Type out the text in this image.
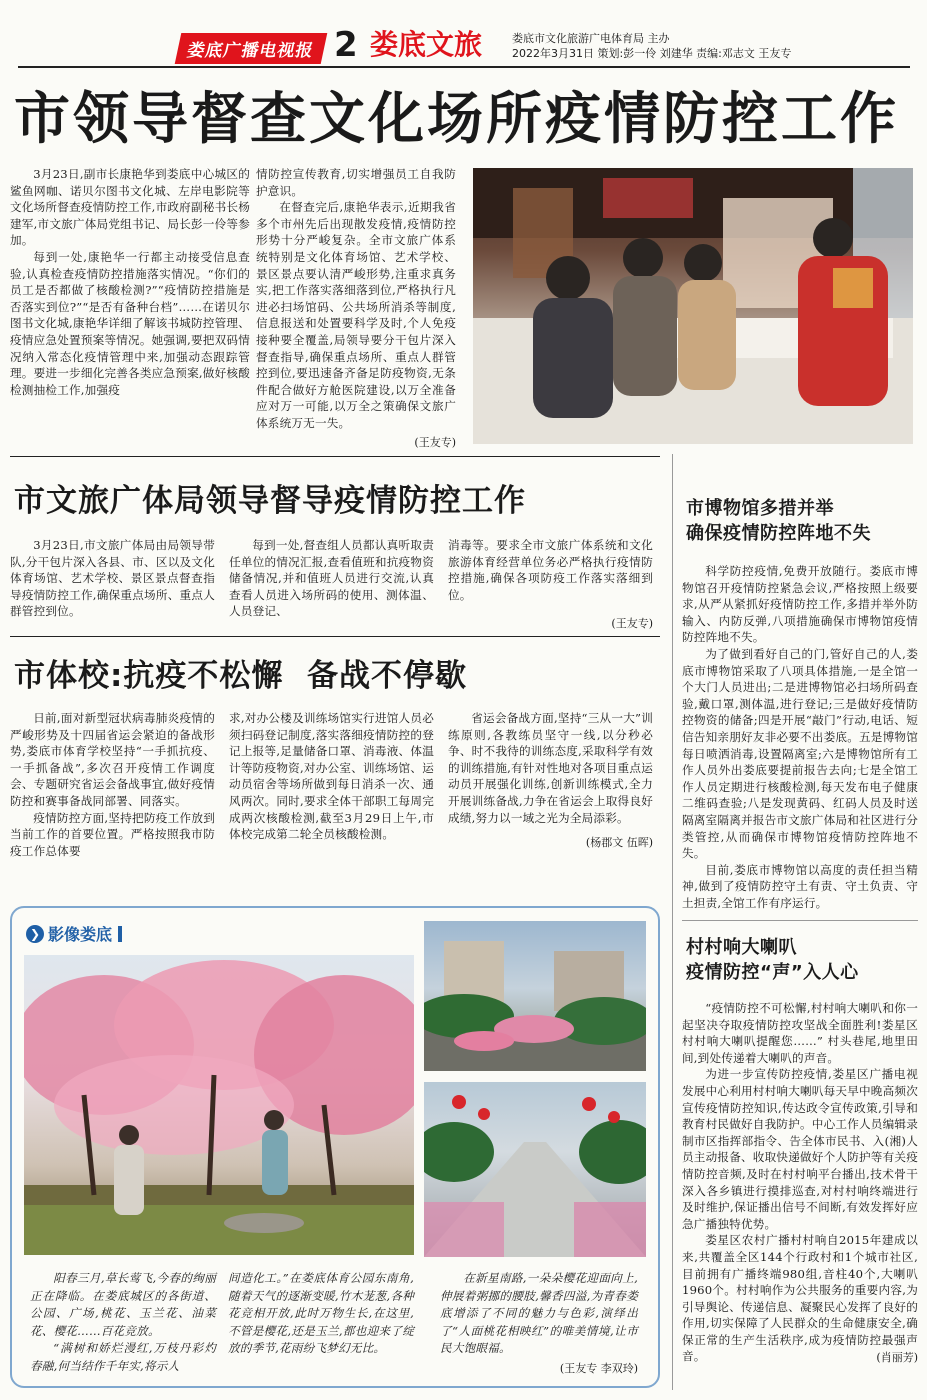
娄底广播电视报 2 娄底文旅	娄底市文化旅游广电体育局 主办
2022年3月31日 策划:彭一伶 刘建华 责编:邓志文 王友专
市领导督查文化场所疫情防控工作

3月23日,副市长康艳华到娄底中心城区的鲨鱼网咖、诺贝尔图书文化城、左岸电影院等文化场所督查疫情防控工作,市政府副秘书长杨建军,市文旅广体局党组书记、局长彭一伶等参加。

每到一处,康艳华一行都主动接受信息查验,认真检查疫情防控措施落实情况。“你们的员工是否都做了核酸检测?”“疫情防控措施是否落实到位?”“是否有备种台档”……在诺贝尔图书文化城,康艳华详细了解该书城防控管理、疫情应急处置预案等情况。她强调,要把双码情况纳入常态化疫情管理中来,加强动态跟踪管理。要进一步细化完善各类应急预案,做好核酸检测抽检工作,加强疫

情防控宣传教育,切实增强员工自我防护意识。

在督查完后,康艳华表示,近期我省多个市州先后出现散发疫情,疫情防控形势十分严峻复杂。全市文旅广体系统特别是文化体育场馆、艺术学校、景区景点要认清严峻形势,注重求真务实,把工作落实落细落到位,严格执行凡进必扫场馆码、公共场所消杀等制度,信息报送和处置要科学及时,个人免疫接种要全覆盖,局领导要分干包片深入督查指导,确保重点场所、重点人群管控到位,要迅速备齐备足防疫物资,无条件配合做好方舱医院建设,以万全准备应对万一可能,以万全之策确保文旅广体系统万无一失。

(王友专)
市文旅广体局领导督导疫情防控工作

3月23日,市文旅广体局由局领导带队,分干包片深入各县、市、区以及文化体育场馆、艺术学校、景区景点督查指导疫情防控工作,确保重点场所、重点人群管控到位。

每到一处,督查组人员都认真听取责任单位的情况汇报,查看值班和抗疫物资储备情况,并和值班人员进行交流,认真查看人员进入场所码的使用、测体温、人员登记、

消毒等。要求全市文旅广体系统和文化旅游体育经营单位务必严格执行疫情防控措施,确保各项防疫工作落实落细到位。

(王友专)
市体校:抗疫不松懈  备战不停歇

日前,面对新型冠状病毒肺炎疫情的严峻形势及十四届省运会紧迫的备战形势,娄底市体育学校坚持“一手抓抗疫、一手抓备战”,多次召开疫情工作调度会、专题研究省运会备战事宜,做好疫情防控和赛事备战同部署、同落实。

疫情防控方面,坚持把防疫工作放到当前工作的首要位置。严格按照我市防疫工作总体要

求,对办公楼及训练场馆实行进馆人员必须扫码登记制度,落实落细疫情防控的登记上报等,足量储备口罩、消毒液、体温计等防疫物资,对办公室、训练场馆、运动员宿舍等场所做到每日消杀一次、通风两次。同时,要求全体干部职工每周完成两次核酸检测,截至3月29日上午,市体校完成第二轮全员核酸检测。

省运会备战方面,坚持“三从一大”训练原则,各教练员坚守一线,以分秒必争、时不我待的训练态度,采取科学有效的训练措施,有针对性地对各项目重点运动员开展强化训练,创新训练模式,全力开展训练备战,力争在省运会上取得良好成绩,努力以一域之光为全局添彩。

(杨郡文 伍晖)
❯ 影像娄底

阳春三月,草长莺飞,今春的绚丽正在降临。在娄底城区的各街道、公园、广场,桃花、玉兰花、油菜花、樱花……百花竞放。

“满树和娇烂漫红,万枝丹彩灼春融,何当结作千年实,将示人

间造化工。”在娄底体育公园东南角,随着天气的逐渐变暖,竹木茏葱,各种花竞相开放,此时万物生长,在这里,不管是樱花,还是玉兰,都也迎来了绽放的季节,花雨纷飞梦幻无比。

在新星南路,一朵朵樱花迎面向上,伸展着粥挪的腰肢,馨香四溢,为青春娄底增添了不同的魅力与色彩,演绎出了“人面桃花相映红”的唯美情境,让市民大饱眼福。

(王友专 李双玲)
市博物馆多措并举
确保疫情防控阵地不失

科学防控疫情,免费开放随行。娄底市博物馆召开疫情防控紧急会议,严格按照上级要求,从严从紧抓好疫情防控工作,多措并举外防输入、内防反弹,八项措施确保市博物馆疫情防控阵地不失。

为了做到看好自己的门,管好自己的人,娄底市博物馆采取了八项具体措施,一是全馆一个大门人员进出;二是进博物馆必扫场所码查验,戴口罩,测体温,进行登记;三是做好疫情防控物资的储备;四是开展“敲门”行动,电话、短信告知亲朋好友非必要不出娄底。五是博物馆每日喷洒消毒,设置隔离室;六是博物馆所有工作人员外出娄底要提前报告去向;七是全馆工作人员定期进行核酸检测,每天发布电子健康二维码查验;八是发现黄码、红码人员及时送隔离室隔离并报告市文旅广体局和社区进行分类管控,从而确保市博物馆疫情防控阵地不失。

目前,娄底市博物馆以高度的责任担当精神,做到了疫情防控守土有责、守土负责、守土担责,全馆工作有序运行。

村村响大喇叭
疫情防控“声”入人心

“疫情防控不可松懈,村村响大喇叭和你一起坚决夺取疫情防控攻坚战全面胜利!娄星区村村响大喇叭提醒您……” 村头巷尾,地里田间,到处传递着大喇叭的声音。

为进一步宣传防控疫情,娄星区广播电视发展中心利用村村响大喇叭每天早中晚高频次宣传疫情防控知识,传达政令宣传政策,引导和教育村民做好自我防护。中心工作人员编辑录制市区指挥部指令、告全体市民书、入(湘)人员主动报备、收取快递做好个人防护等有关疫情防控音频,及时在村村响平台播出,技术骨干深入各乡镇进行摸排巡查,对村村响终端进行及时维护,保证播出信号不间断,有效发挥好应急广播独特优势。

娄星区农村广播村村响自2015年建成以来,共覆盖全区144个行政村和1个城市社区,目前拥有广播终端980组,音柱40个,大喇叭1960个。村村响作为公共服务的重要内容,为引导舆论、传递信息、凝聚民心发挥了良好的作用,切实保障了人民群众的生命健康安全,确保正常的生产生活秩序,成为疫情防控最强声音。	(肖丽芳)
